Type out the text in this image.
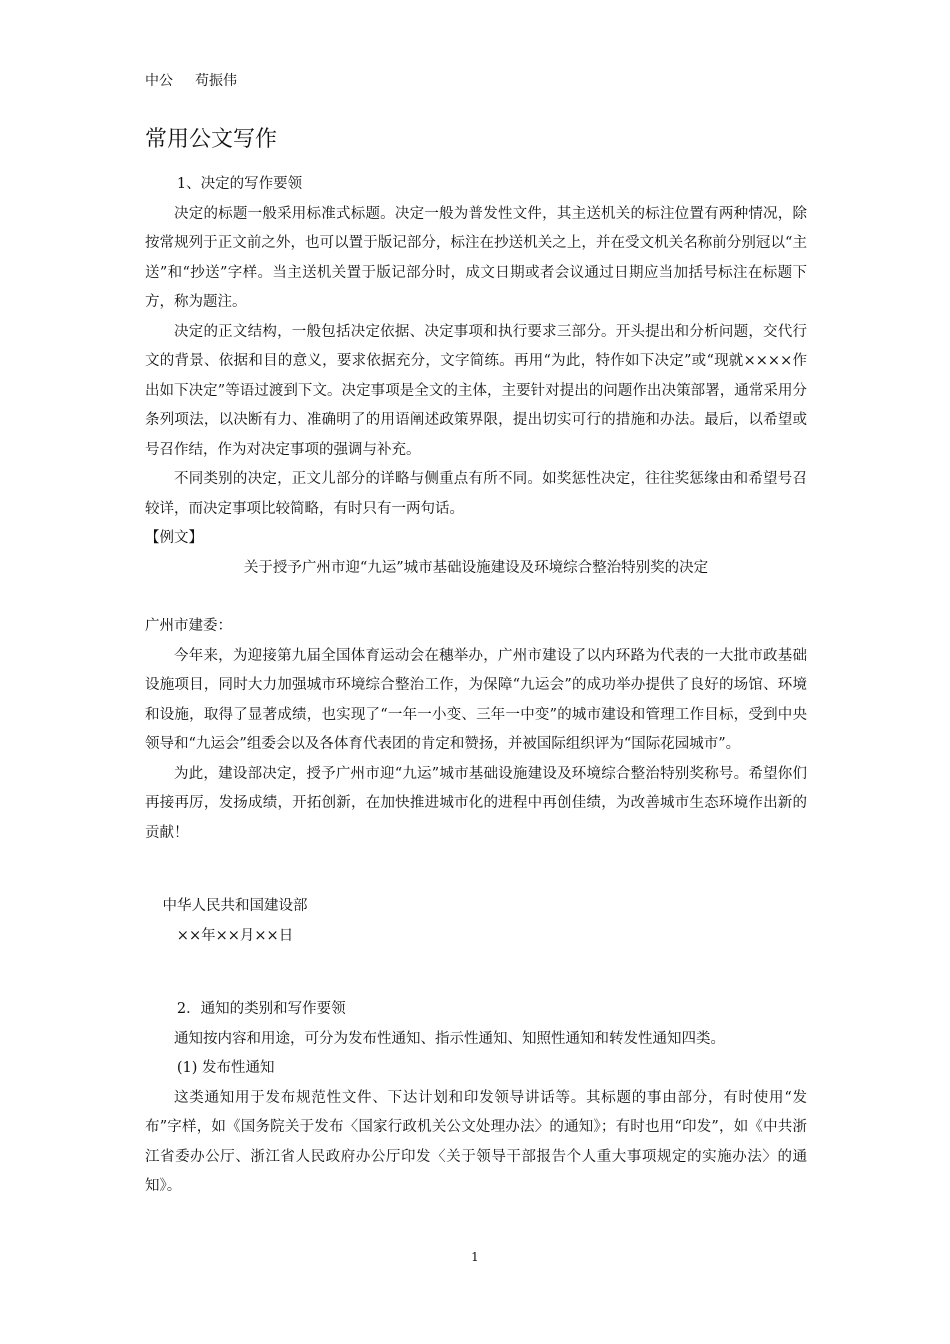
中公 苟振伟
常用公文写作

1、决定的写作要领

决定的标题一般采用标准式标题。决定一般为普发性文件，其主送机关的标注位置有两种情况，除按常规列于正文前之外，也可以置于版记部分，标注在抄送机关之上，并在受文机关名称前分别冠以“主送”和“抄送”字样。当主送机关置于版记部分时，成文日期或者会议通过日期应当加括号标注在标题下方，称为题注。

决定的正文结构，一般包括决定依据、决定事项和执行要求三部分。开头提出和分析问题，交代行文的背景、依据和目的意义，要求依据充分，文字简练。再用“为此，特作如下决定”或“现就××××作出如下决定”等语过渡到下文。决定事项是全文的主体，主要针对提出的问题作出决策部署，通常采用分条列项法，以决断有力、准确明了的用语阐述政策界限，提出切实可行的措施和办法。最后，以希望或号召作结，作为对决定事项的强调与补充。

不同类别的决定，正文儿部分的详略与侧重点有所不同。如奖惩性决定，往往奖惩缘由和希望号召较详，而决定事项比较简略，有时只有一两句话。

【例文】

关于授予广州市迎“九运”城市基础设施建设及环境综合整治特别奖的决定

广州市建委：

今年来，为迎接第九届全国体育运动会在穗举办，广州市建设了以内环路为代表的一大批市政基础设施项目，同时大力加强城市环境综合整治工作，为保障“九运会”的成功举办提供了良好的场馆、环境和设施，取得了显著成绩，也实现了“一年一小变、三年一中变”的城市建设和管理工作目标，受到中央领导和“九运会”组委会以及各体育代表团的肯定和赞扬，并被国际组织评为“国际花园城市”。

为此，建设部决定，授予广州市迎“九运”城市基础设施建设及环境综合整治特别奖称号。希望你们再接再厉，发扬成绩，开拓创新，在加快推进城市化的进程中再创佳绩，为改善城市生态环境作出新的贡献！

中华人民共和国建设部

××年××月××日

2．通知的类别和写作要领

通知按内容和用途，可分为发布性通知、指示性通知、知照性通知和转发性通知四类。

(1) 发布性通知

这类通知用于发布规范性文件、下达计划和印发领导讲话等。其标题的事由部分，有时使用“发布”字样，如《国务院关于发布〈国家行政机关公文处理办法〉的通知》；有时也用“印发”，如《中共浙江省委办公厅、浙江省人民政府办公厅印发〈关于领导干部报告个人重大事项规定的实施办法〉的通知》。

1
